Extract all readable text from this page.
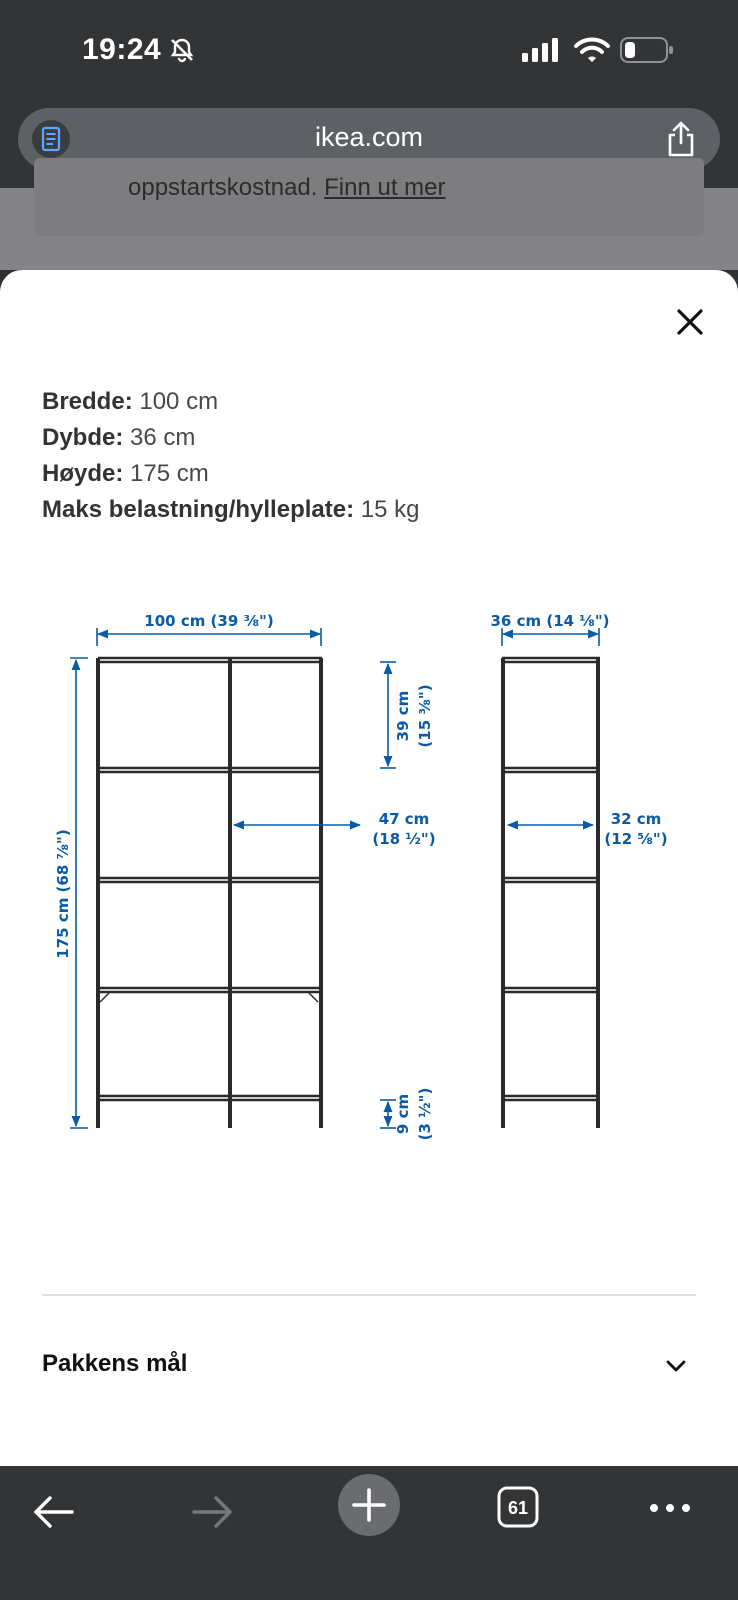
19:24
ikea.com
oppstartskostnad. Finn ut mer
Bredde: 100 cm
Dybde: 36 cm
Høyde: 175 cm
Maks belastning/hylleplate: 15 kg
100 cm (39 ⅜")	36 cm (14 ⅛")
175 cm (68 ⅞")
39 cm (15 ⅜")
47 cm
(18 ½")
32 cm
(12 ⅝")
9 cm (3 ½")
Pakkens mål
61
